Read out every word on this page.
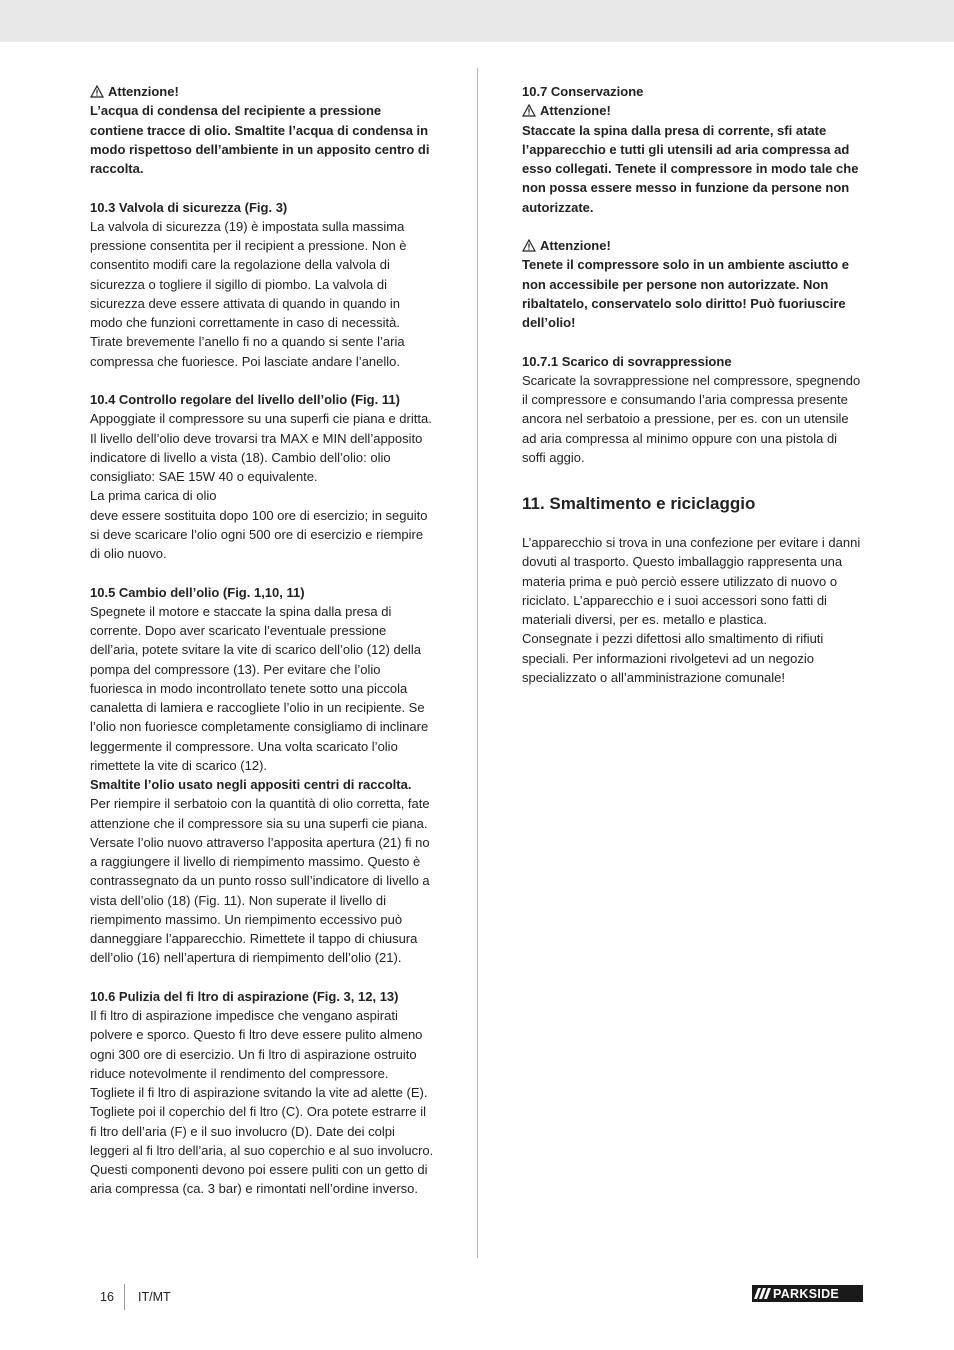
Attenzione!

L’acqua di condensa del recipiente a pressione contiene tracce di olio. Smaltite l’acqua di condensa in modo rispettoso dell’ambiente in un apposito centro di raccolta.

10.3 Valvola di sicurezza (Fig. 3)

La valvola di sicurezza (19) è impostata sulla massima pressione consentita per il recipient a pressione. Non è consentito modifi care la regolazione della valvola di sicurezza o togliere il sigillo di piombo. La valvola di sicurezza deve essere attivata di quando in quando in modo che funzioni correttamente in caso di necessità. Tirate brevemente l’anello fi no a quando si sente l’aria compressa che fuoriesce. Poi lasciate andare l’anello.

10.4 Controllo regolare del livello dell’olio (Fig. 11)

Appoggiate il compressore su una superfi cie piana e dritta. Il livello dell’olio deve trovarsi tra MAX e MIN dell’apposito indicatore di livello a vista (18). Cambio dell’olio: olio consigliato: SAE 15W 40 o equivalente.

La prima carica di olio

deve essere sostituita dopo 100 ore di esercizio; in seguito si deve scaricare l’olio ogni 500 ore di esercizio e riempire di olio nuovo.

10.5 Cambio dell’olio (Fig. 1,10, 11)

Spegnete il motore e staccate la spina dalla presa di corrente. Dopo aver scaricato l’eventuale pressione dell’aria, potete svitare la vite di scarico dell’olio (12) della pompa del compressore (13). Per evitare che l’olio fuoriesca in modo incontrollato tenete sotto una piccola canaletta di lamiera e raccogliete l’olio in un recipiente. Se l’olio non fuoriesce completamente consigliamo di inclinare leggermente il compressore. Una volta scaricato l’olio rimettete la vite di scarico (12).

Smaltite l’olio usato negli appositi centri di raccolta.

Per riempire il serbatoio con la quantità di olio corretta, fate attenzione che il compressore sia su una superfi cie piana. Versate l’olio nuovo attraverso l’apposita apertura (21) fi no a raggiungere il livello di riempimento massimo. Questo è contrassegnato da un punto rosso sull’indicatore di livello a vista dell’olio (18) (Fig. 11). Non superate il livello di riempimento massimo. Un riempimento eccessivo può danneggiare l’apparecchio. Rimettete il tappo di chiusura dell’olio (16) nell’apertura di riempimento dell’olio (21).

10.6 Pulizia del fi ltro di aspirazione (Fig. 3, 12, 13)

Il fi ltro di aspirazione impedisce che vengano aspirati polvere e sporco. Questo fi ltro deve essere pulito almeno ogni 300 ore di esercizio. Un fi ltro di aspirazione ostruito riduce notevolmente il rendimento del compressore. Togliete il fi ltro di aspirazione svitando la vite ad alette (E). Togliete poi il coperchio del fi ltro (C). Ora potete estrarre il fi ltro dell’aria (F) e il suo involucro (D). Date dei colpi leggeri al fi ltro dell’aria, al suo coperchio e al suo involucro. Questi componenti devono poi essere puliti con un getto di aria compressa (ca. 3 bar) e rimontati nell’ordine inverso.

10.7 Conservazione

Attenzione!

Staccate la spina dalla presa di corrente, sfi atate l’apparecchio e tutti gli utensili ad aria compressa ad esso collegati. Tenete il compressore in modo tale che non possa essere messo in funzione da persone non autorizzate.

Attenzione!

Tenete il compressore solo in un ambiente asciutto e non accessibile per persone non autorizzate. Non ribaltatelo, conservatelo solo diritto! Può fuoriuscire dell’olio!

10.7.1 Scarico di sovrappressione

Scaricate la sovrappressione nel compressore, spegnendo il compressore e consumando l’aria compressa presente ancora nel serbatoio a pressione, per es. con un utensile ad aria compressa al minimo oppure con una pistola di soffi aggio.

11. Smaltimento e riciclaggio

L’apparecchio si trova in una confezione per evitare i danni dovuti al trasporto. Questo imballaggio rappresenta una materia prima e può perciò essere utilizzato di nuovo o riciclato. L’apparecchio e i suoi accessori sono fatti di materiali diversi, per es. metallo e plastica.

Consegnate i pezzi difettosi allo smaltimento di rifiuti speciali. Per informazioni rivolgetevi ad un negozio specializzato o all’amministrazione comunale!

16 IT/MT	PARKSIDE
